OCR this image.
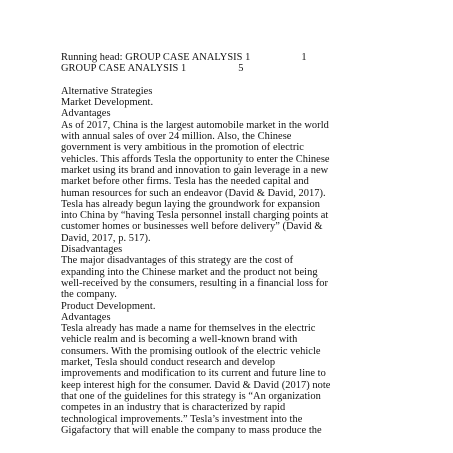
Running head: GROUP CASE ANALYSIS 1	1
GROUP CASE ANALYSIS 1	5
Alternative Strategies
Market Development.
Advantages
As of 2017, China is the largest automobile market in the world
with annual sales of over 24 million. Also, the Chinese
government is very ambitious in the promotion of electric
vehicles. This affords Tesla the opportunity to enter the Chinese
market using its brand and innovation to gain leverage in a new
market before other firms. Tesla has the needed capital and
human resources for such an endeavor (David & David, 2017).
Tesla has already begun laying the groundwork for expansion
into China by “having Tesla personnel install charging points at
customer homes or businesses well before delivery” (David &
David, 2017, p. 517).
Disadvantages
The major disadvantages of this strategy are the cost of
expanding into the Chinese market and the product not being
well-received by the consumers, resulting in a financial loss for
the company.
Product Development.
Advantages
Tesla already has made a name for themselves in the electric
vehicle realm and is becoming a well-known brand with
consumers. With the promising outlook of the electric vehicle
market, Tesla should conduct research and develop
improvements and modification to its current and future line to
keep interest high for the consumer. David & David (2017) note
that one of the guidelines for this strategy is “An organization
competes in an industry that is characterized by rapid
technological improvements.” Tesla’s investment into the
Gigafactory that will enable the company to mass produce the
